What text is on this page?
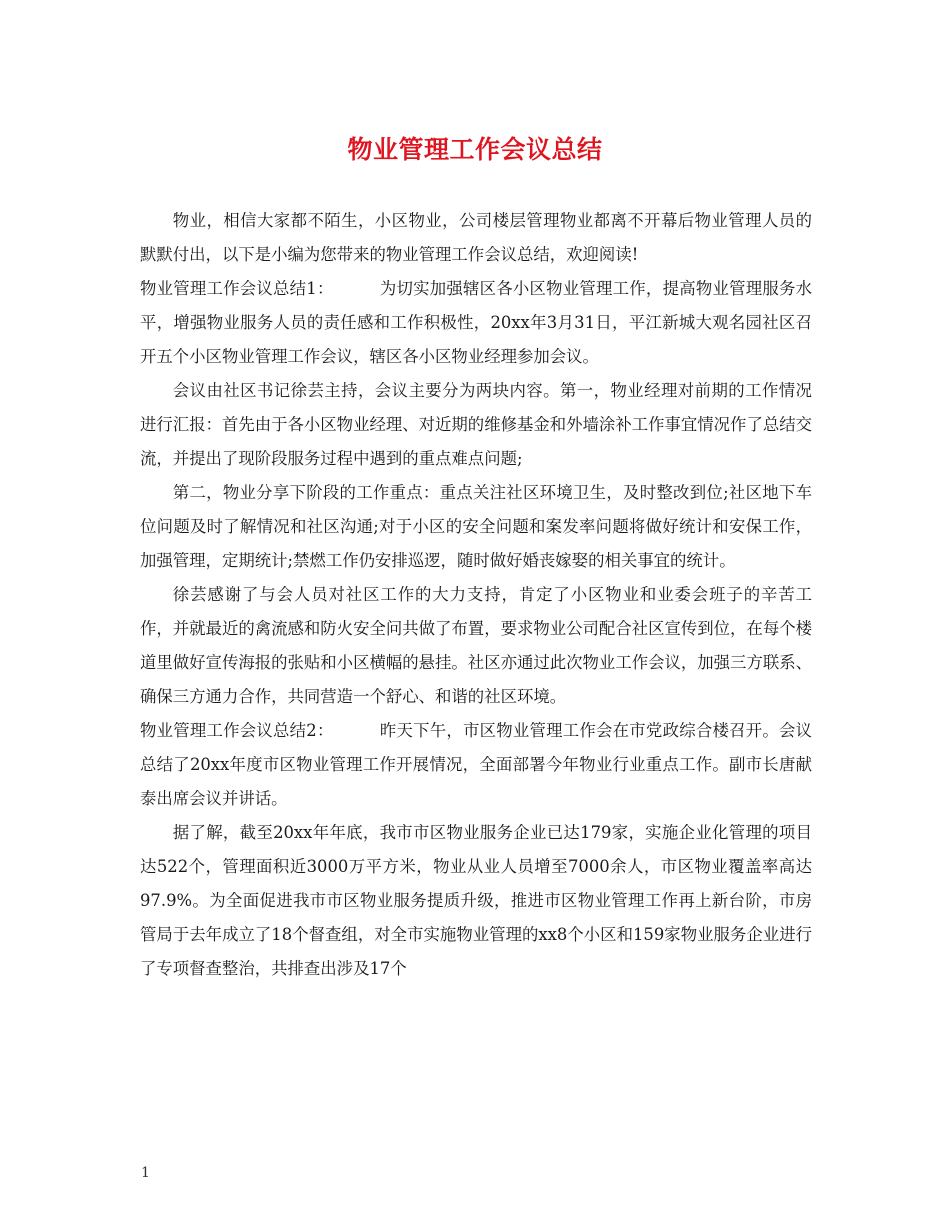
物业管理工作会议总结

物业，相信大家都不陌生，小区物业，公司楼层管理物业都离不开幕后物业管理人员的默默付出，以下是小编为您带来的物业管理工作会议总结，欢迎阅读!

物业管理工作会议总结1：	为切实加强辖区各小区物业管理工作，提高物业管理服务水平，增强物业服务人员的责任感和工作积极性，20xx年3月31日，平江新城大观名园社区召开五个小区物业管理工作会议，辖区各小区物业经理参加会议。

会议由社区书记徐芸主持，会议主要分为两块内容。第一，物业经理对前期的工作情况进行汇报：首先由于各小区物业经理、对近期的维修基金和外墙涂补工作事宜情况作了总结交流，并提出了现阶段服务过程中遇到的重点难点问题;

第二，物业分享下阶段的工作重点：重点关注社区环境卫生，及时整改到位;社区地下车位问题及时了解情况和社区沟通;对于小区的安全问题和案发率问题将做好统计和安保工作，加强管理，定期统计;禁燃工作仍安排巡逻，随时做好婚丧嫁娶的相关事宜的统计。

徐芸感谢了与会人员对社区工作的大力支持，肯定了小区物业和业委会班子的辛苦工作，并就最近的禽流感和防火安全问共做了布置，要求物业公司配合社区宣传到位，在每个楼道里做好宣传海报的张贴和小区横幅的悬挂。社区亦通过此次物业工作会议，加强三方联系、确保三方通力合作，共同营造一个舒心、和谐的社区环境。

物业管理工作会议总结2：	昨天下午，市区物业管理工作会在市党政综合楼召开。会议总结了20xx年度市区物业管理工作开展情况，全面部署今年物业行业重点工作。副市长唐献泰出席会议并讲话。

据了解，截至20xx年年底，我市市区物业服务企业已达179家，实施企业化管理的项目达522个，管理面积近3000万平方米，物业从业人员增至7000余人，市区物业覆盖率高达97.9%。为全面促进我市市区物业服务提质升级，推进市区物业管理工作再上新台阶，市房管局于去年成立了18个督查组，对全市实施物业管理的xx8个小区和159家物业服务企业进行了专项督查整治，共排查出涉及17个

1
